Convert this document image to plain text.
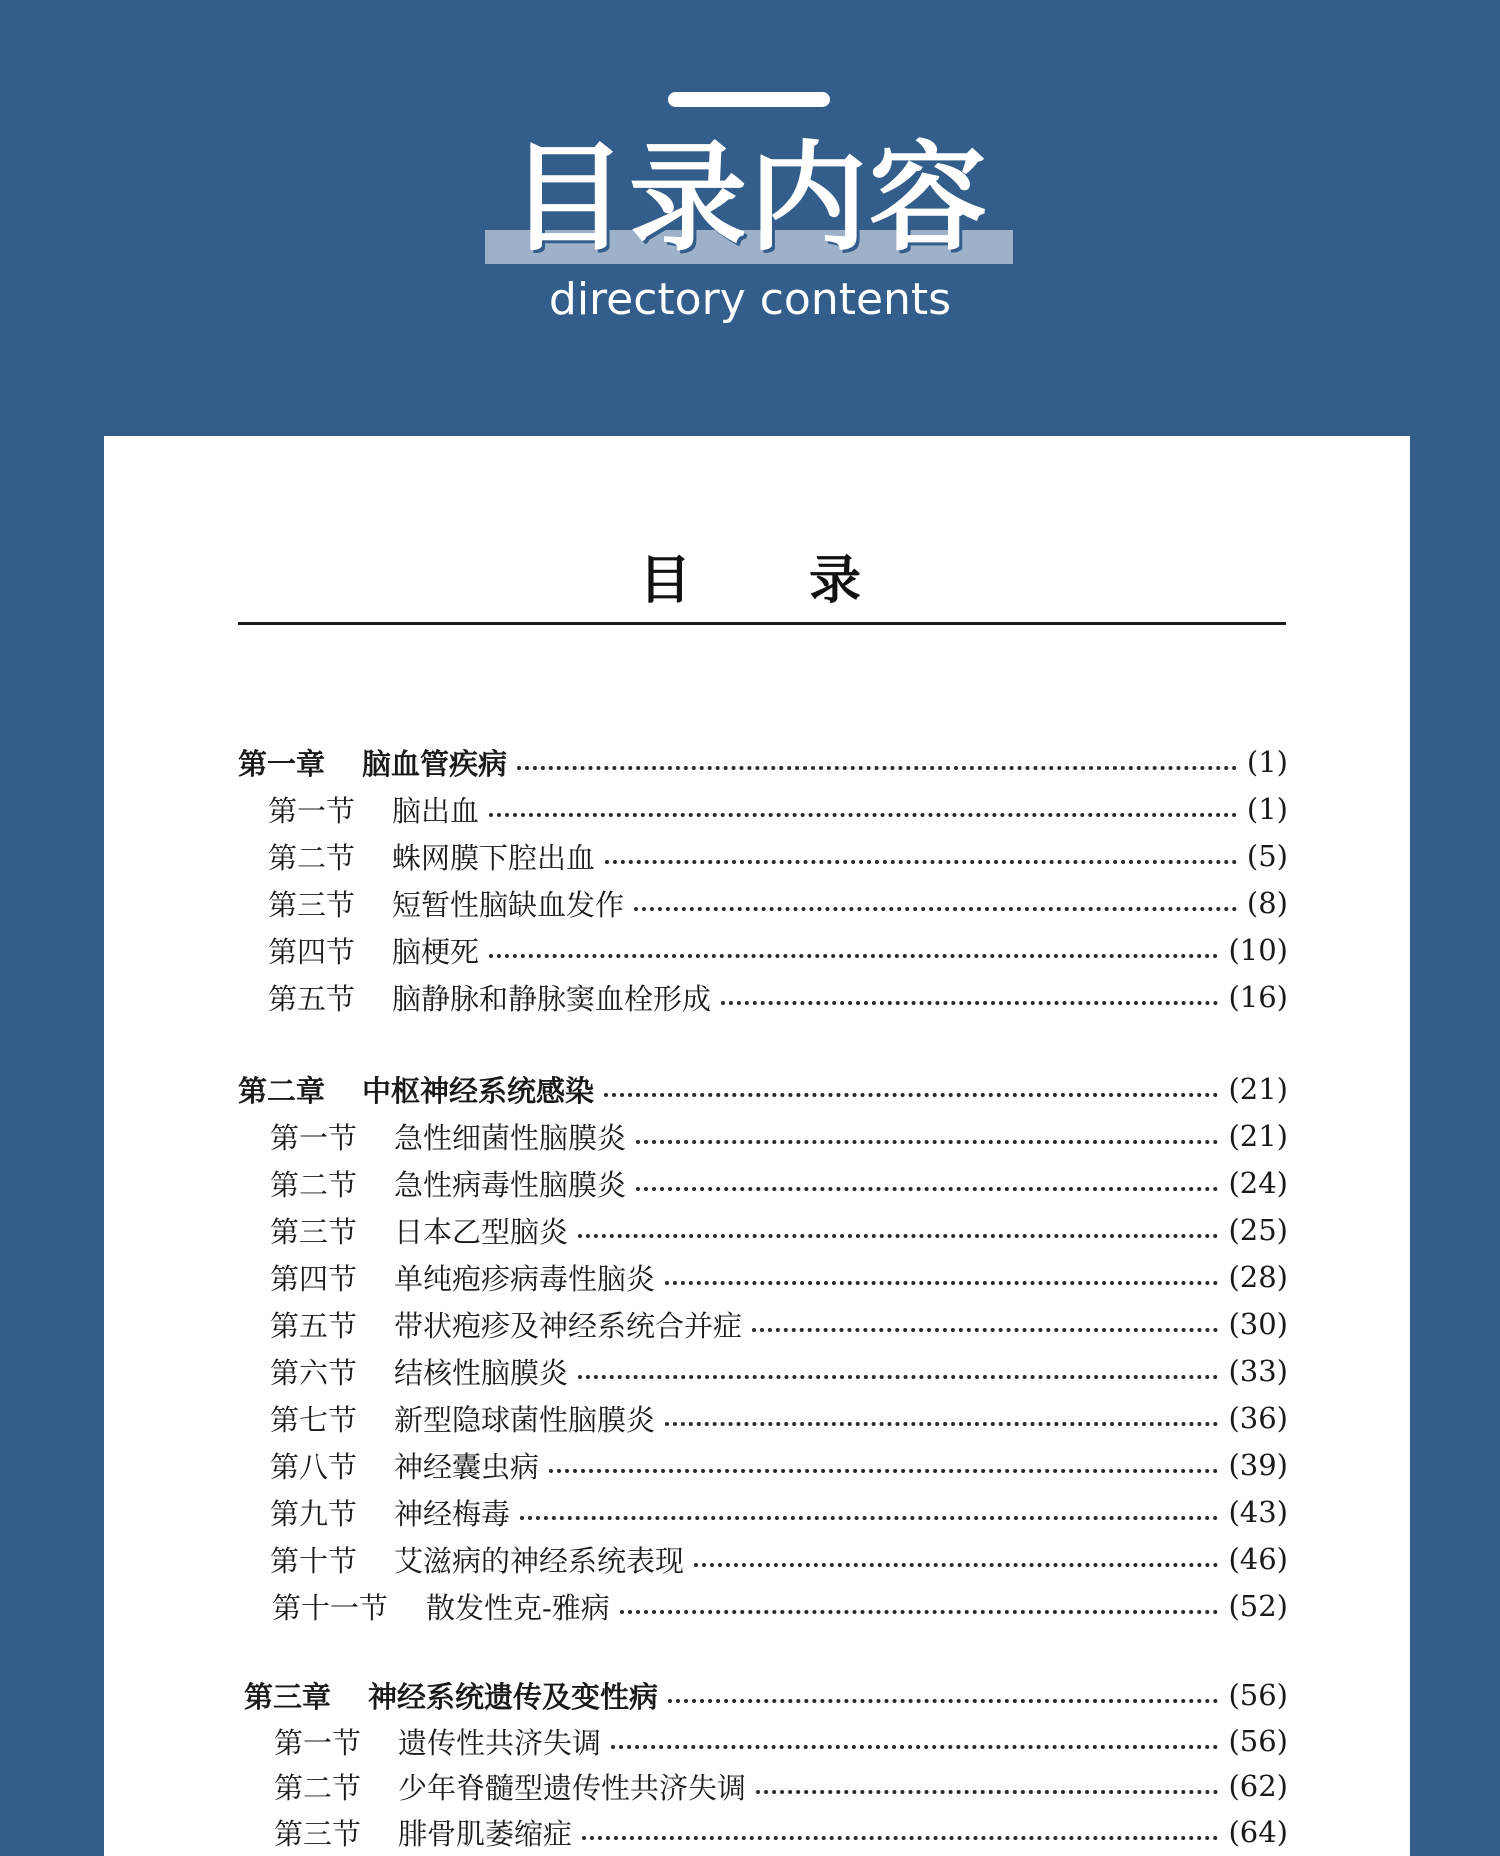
目录内容
directory contents
目 录
第一章	脑血管疾病	(1)
第一节	脑出血	(1)
第二节	蛛网膜下腔出血	(5)
第三节	短暂性脑缺血发作	(8)
第四节	脑梗死	(10)
第五节	脑静脉和静脉窦血栓形成	(16)
第二章	中枢神经系统感染	(21)
第一节	急性细菌性脑膜炎	(21)
第二节	急性病毒性脑膜炎	(24)
第三节	日本乙型脑炎	(25)
第四节	单纯疱疹病毒性脑炎	(28)
第五节	带状疱疹及神经系统合并症	(30)
第六节	结核性脑膜炎	(33)
第七节	新型隐球菌性脑膜炎	(36)
第八节	神经囊虫病	(39)
第九节	神经梅毒	(43)
第十节	艾滋病的神经系统表现	(46)
第十一节	散发性克-雅病	(52)
第三章	神经系统遗传及变性病	(56)
第一节	遗传性共济失调	(56)
第二节	少年脊髓型遗传性共济失调	(62)
第三节	腓骨肌萎缩症	(64)
